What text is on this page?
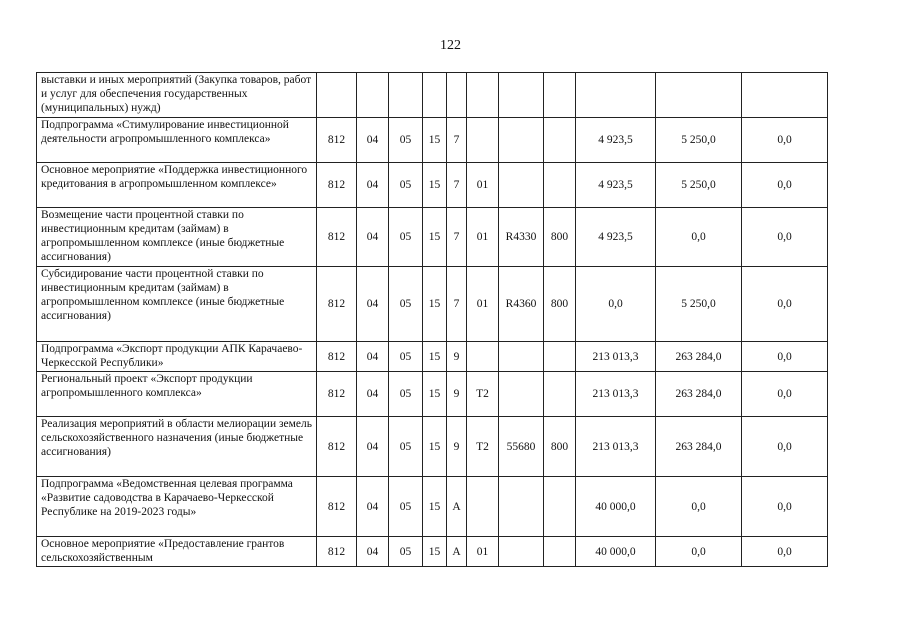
122
выставки и иных мероприятий (Закупка товаров, работ и услуг для обеспечения государственных (муниципальных) нужд)											
Подпрограмма «Стимулирование инвестиционной деятельности агропромышленного комплекса»	812	04	05	15	7				4 923,5	5 250,0	0,0
Основное мероприятие «Поддержка инвестиционного кредитования в агропромышленном комплексе»	812	04	05	15	7	01			4 923,5	5 250,0	0,0
Возмещение части процентной ставки по инвестиционным кредитам (займам) в агропромышленном комплексе (иные бюджетные ассигнования)	812	04	05	15	7	01	R4330	800	4 923,5	0,0	0,0
Субсидирование части процентной ставки по инвестиционным кредитам (займам) в агропромышленном комплексе (иные бюджетные ассигнования)	812	04	05	15	7	01	R4360	800	0,0	5 250,0	0,0
Подпрограмма «Экспорт продукции АПК Карачаево-Черкесской Республики»	812	04	05	15	9				213 013,3	263 284,0	0,0
Региональный проект «Экспорт продукции агропромышленного комплекса»	812	04	05	15	9	Т2			213 013,3	263 284,0	0,0
Реализация мероприятий в области мелиорации земель сельскохозяйственного назначения (иные бюджетные ассигнования)	812	04	05	15	9	Т2	55680	800	213 013,3	263 284,0	0,0
Подпрограмма «Ведомственная целевая программа «Развитие садоводства в Карачаево-Черкесской Республике на 2019-2023 годы»	812	04	05	15	А				40 000,0	0,0	0,0
Основное мероприятие «Предоставление грантов сельскохозяйственным	812	04	05	15	А	01			40 000,0	0,0	0,0
